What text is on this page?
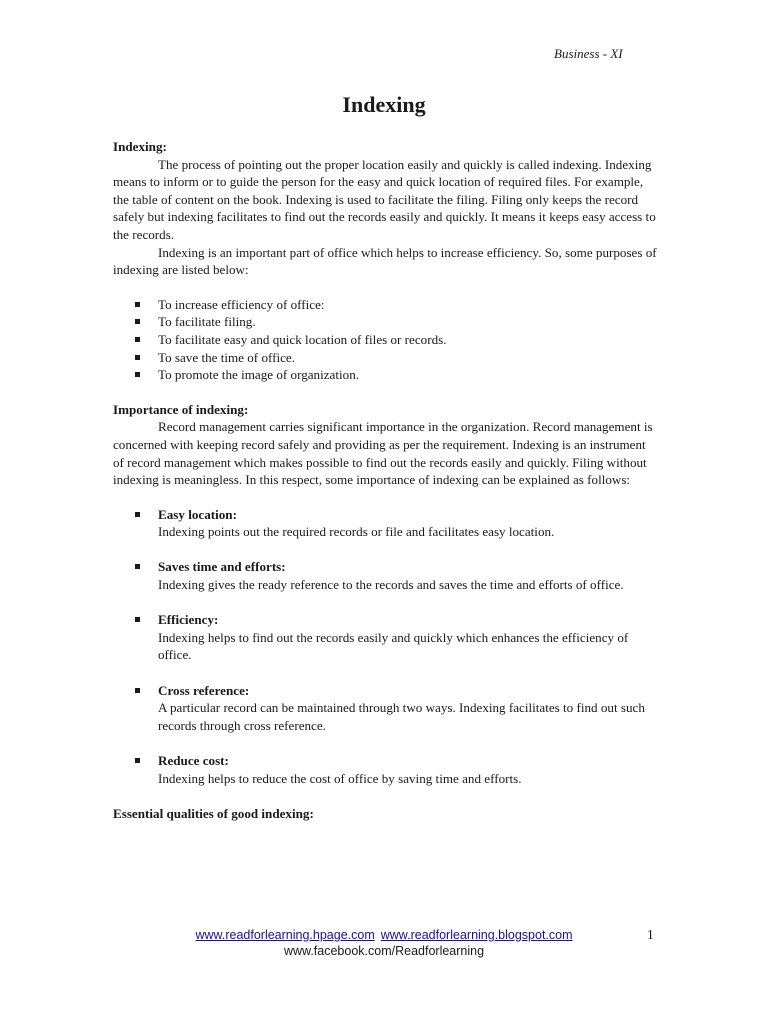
Business - XI
Indexing

Indexing:

The process of pointing out the proper location easily and quickly is called indexing. Indexing means to inform or to guide the person for the easy and quick location of required files. For example, the table of content on the book. Indexing is used to facilitate the filing. Filing only keeps the record safely but indexing facilitates to find out the records easily and quickly. It means it keeps easy access to the records.

Indexing is an important part of office which helps to increase efficiency. So, some purposes of indexing are listed below:

To increase efficiency of office:
To facilitate filing.
To facilitate easy and quick location of files or records.
To save the time of office.
To promote the image of organization.

Importance of indexing:

Record management carries significant importance in the organization. Record management is concerned with keeping record safely and providing as per the requirement. Indexing is an instrument of record management which makes possible to find out the records easily and quickly. Filing without indexing is meaningless. In this respect, some importance of indexing can be explained as follows:

Easy location:
Indexing points out the required records or file and facilitates easy location.
Saves time and efforts:
Indexing gives the ready reference to the records and saves the time and efforts of office.
Efficiency:
Indexing helps to find out the records easily and quickly which enhances the efficiency of office.
Cross reference:
A particular record can be maintained through two ways. Indexing facilitates to find out such records through cross reference.
Reduce cost:
Indexing helps to reduce the cost of office by saving time and efforts.

Essential qualities of good indexing:

www.readforlearning.hpage.com www.readforlearning.blogspot.com
www.facebook.com/Readforlearning
1
